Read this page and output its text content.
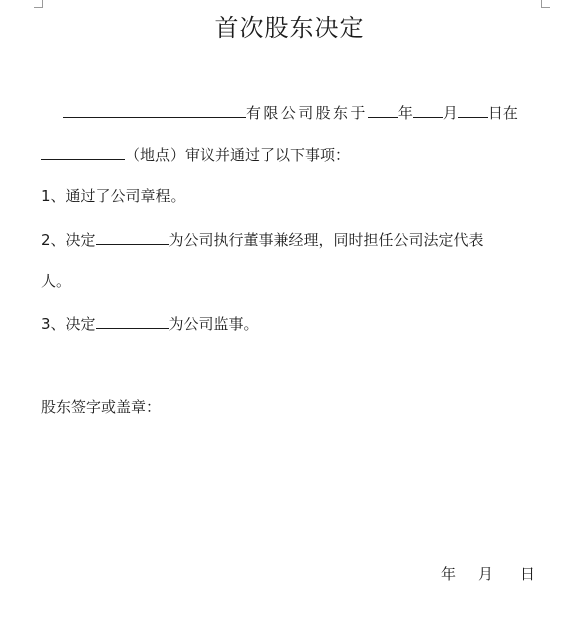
首次股东决定
有限公司股东于 年 月 日在
（地点）审议并通过了以下事项：
1、通过了公司章程。
2、决定	为公司执行董事兼经理，同时担任公司法定代表
人。
3、决定	为公司监事。
股东签字或盖章：
年 月 日
